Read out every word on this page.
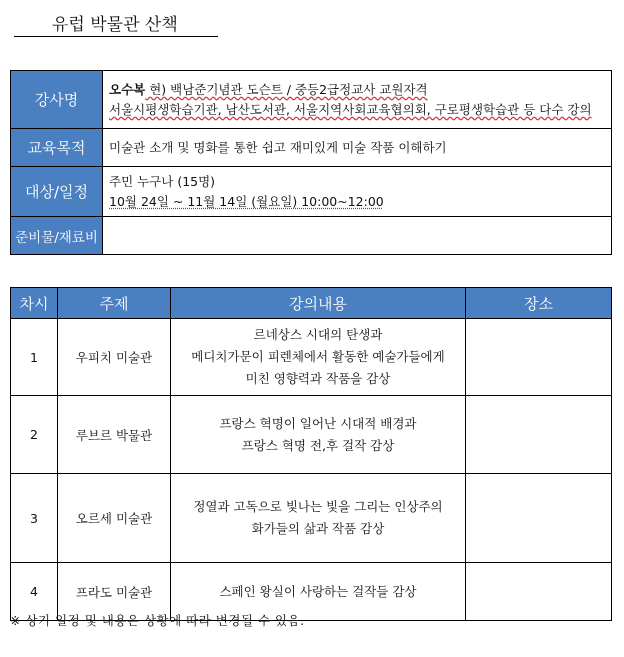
유럽 박물관 산책
강사명	오수복 현) 백남준기념관 도슨트 / 중등2급정교사 교원자격
서울시평생학습기관, 남산도서관, 서울지역사회교육협의회, 구로평생학습관 등 다수 강의

교육목적	미술관 소개 및 명화를 통한 쉽고 재미있게 미술 작품 이해하기

대상/일정	주민 누구나 (15명)
10월 24일 ~ 11월 14일 (월요일) 10:00~12:00

준비물/재료비	
차시	주제	강의내용	장소
1	우피치 미술관	르네상스 시대의 탄생과
메디치가문이 피렌체에서 활동한 예술가들에게
미친 영향력과 작품을 감상	

2	루브르 박물관	프랑스 혁명이 일어난 시대적 배경과
프랑스 혁명 전,후 걸작 감상	

3	오르세 미술관	정열과 고독으로 빛나는 빛을 그리는 인상주의
화가들의 삶과 작품 감상	

4	프라도 미술관	스페인 왕실이 사랑하는 걸작들 감상	

※ 상기 일정 및 내용은 상황에 따라 변경될 수 있음.
